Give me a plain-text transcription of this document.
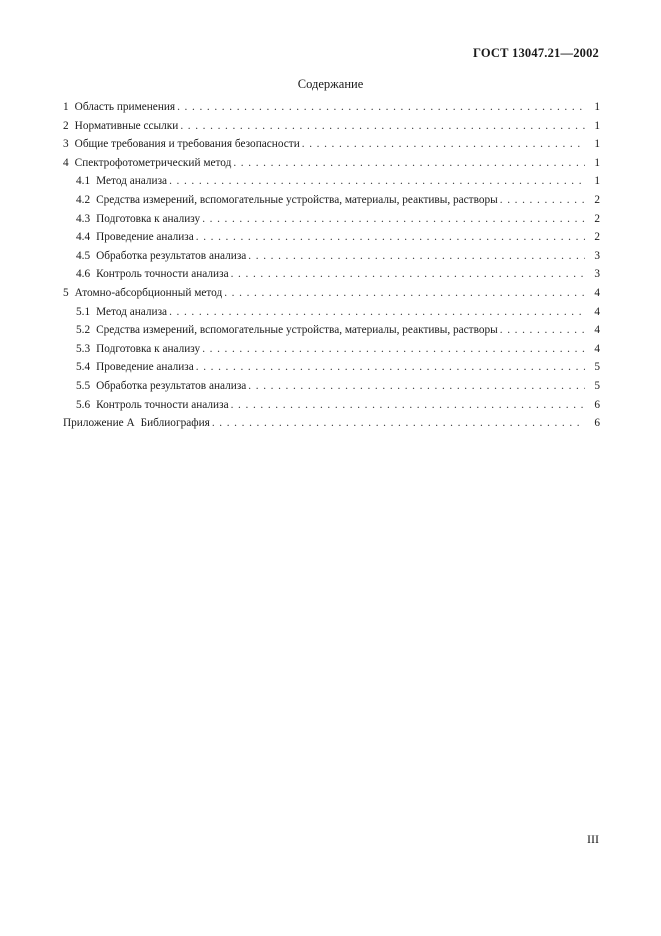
ГОСТ 13047.21—2002
Содержание
1 Область применения . . .	1
2 Нормативные ссылки . . .	1
3 Общие требования и требования безопасности . . .	1
4 Спектрофотометрический метод . . .	1
4.1 Метод анализа . . .	1
4.2 Средства измерений, вспомогательные устройства, материалы, реактивы, растворы . . .	2
4.3 Подготовка к анализу . . .	2
4.4 Проведение анализа . . .	2
4.5 Обработка результатов анализа . . .	3
4.6 Контроль точности анализа . . .	3
5 Атомно-абсорбционный метод . . .	4
5.1 Метод анализа . . .	4
5.2 Средства измерений, вспомогательные устройства, материалы, реактивы, растворы . . .	4
5.3 Подготовка к анализу . . .	4
5.4 Проведение анализа . . .	5
5.5 Обработка результатов анализа . . .	5
5.6 Контроль точности анализа . . .	6
Приложение А Библиография . . .	6
III
